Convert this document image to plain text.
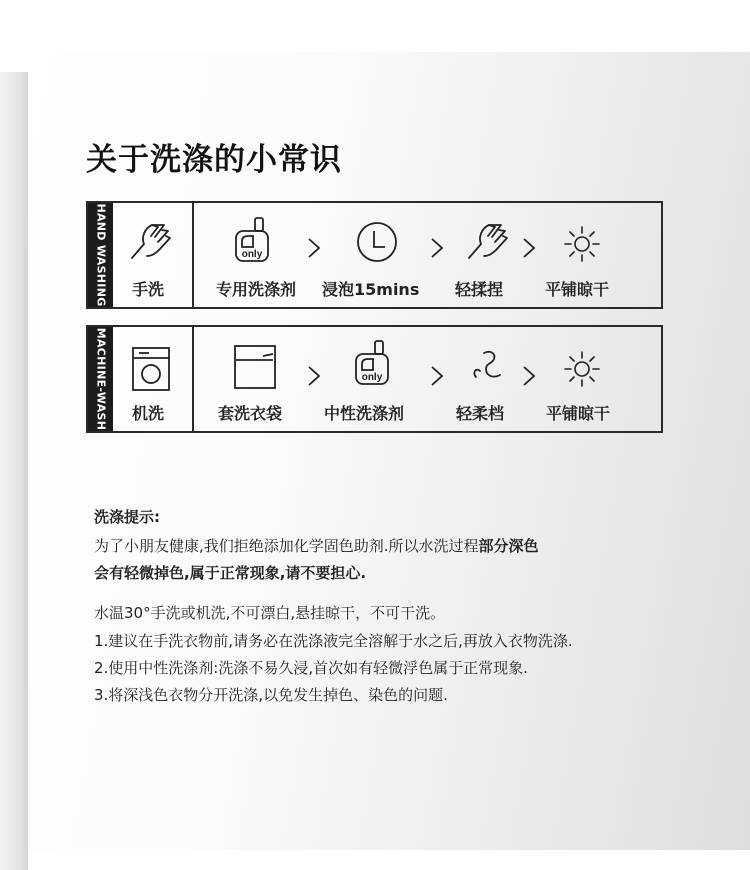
关于洗涤的小常识
HAND WASHING 手洗
only
专用洗涤剂 浸泡15mins 轻揉捏	平铺晾干
MACHINE-WASH 机洗
only
套洗衣袋	中性洗涤剂	轻柔档	平铺晾干

洗涤提示:

为了小朋友健康,我们拒绝添加化学固色助剂.所以水洗过程部分深色

会有轻微掉色,属于正常现象,请不要担心.

水温30°手洗或机洗,不可漂白,悬挂晾干，不可干洗。

1.建议在手洗衣物前,请务必在洗涤液完全溶解于水之后,再放入衣物洗涤.

2.使用中性洗涤剂:洗涤不易久浸,首次如有轻微浮色属于正常现象.

3.将深浅色衣物分开洗涤,以免发生掉色、染色的问题.
